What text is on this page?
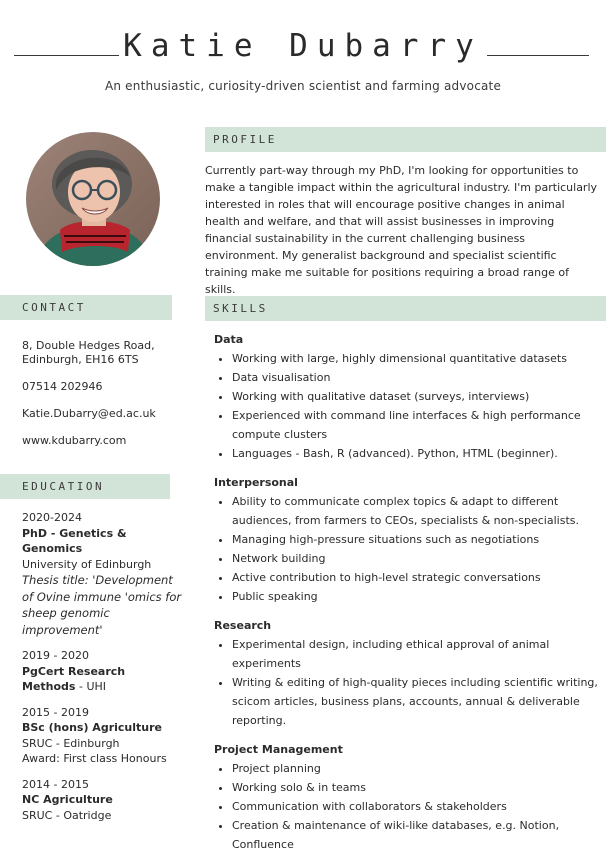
Katie Dubarry
An enthusiastic, curiosity-driven scientist and farming advocate
PROFILE
Currently part-way through my PhD, I'm looking for opportunities to make a tangible impact within the agricultural industry. I'm particularly interested in roles that will encourage positive changes in animal health and welfare, and that will assist businesses in improving financial sustainability in the current challenging business environment. My generalist background and specialist scientific training make me suitable for positions requiring a broad range of skills.
CONTACT
8, Double Hedges Road, Edinburgh, EH16 6TS
07514 202946
Katie.Dubarry@ed.ac.uk
www.kdubarry.com
EDUCATION
2020-2024
PhD - Genetics & Genomics
University of Edinburgh
Thesis title: 'Development of Ovine immune 'omics for sheep genomic improvement'
2019 - 2020
PgCert Research Methods - UHI
2015 - 2019
BSc (hons) Agriculture
SRUC - Edinburgh
Award: First class Honours
2014 - 2015
NC Agriculture
SRUC - Oatridge
SKILLS
Data
• Working with large, highly dimensional quantitative datasets
• Data visualisation
• Working with qualitative dataset (surveys, interviews)
• Experienced with command line interfaces & high performance compute clusters
• Languages - Bash, R (advanced). Python, HTML (beginner).
Interpersonal
• Ability to communicate complex topics & adapt to different audiences, from farmers to CEOs, specialists & non-specialists.
• Managing high-pressure situations such as negotiations
• Network building
• Active contribution to high-level strategic conversations
• Public speaking
Research
• Experimental design, including ethical approval of animal experiments
• Writing & editing of high-quality pieces including scientific writing, scicom articles, business plans, accounts, annual & deliverable reporting.
Project Management
• Project planning
• Working solo & in teams
• Communication with collaborators & stakeholders
• Creation & maintenance of wiki-like databases, e.g. Notion, Confluence
